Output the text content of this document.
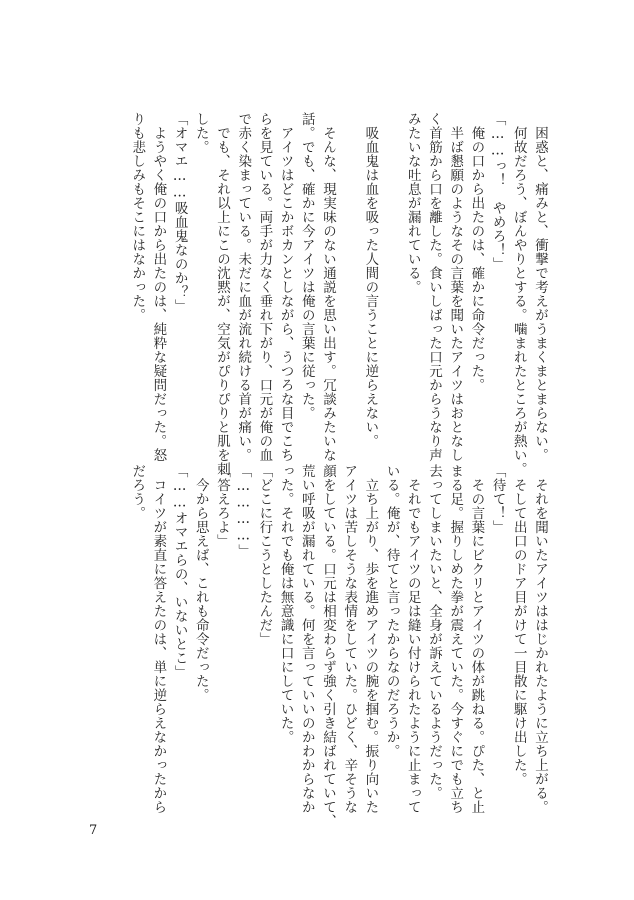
困惑と、痛みと、衝撃で考えがうまくまとまらない。
何故だろう、ぼんやりとする。噛まれたところが熱い。
「……っ！　やめろ！」
俺の口から出たのは、確かに命令だった。
半ば懇願のようなその言葉を聞いたアイツはおとなし
く首筋から口を離した。食いしばった口元からうなり声
みたいな吐息が漏れている。
吸血鬼は血を吸った人間の言うことに逆らえない。
そんな、現実味のない通説を思い出す。冗談みたいな
話。でも、確かに今アイツは俺の言葉に従った。
アイツはどこかボカンとしながら、うつろな目でこち
らを見ている。両手が力なく垂れ下がり、口元が俺の血
で赤く染まっている。未だに血が流れ続ける首が痛い。
でも、それ以上にこの沈黙が、空気がぴりぴりと肌を刺
した。
「オマエ……吸血鬼なのか？」
ようやく俺の口から出たのは、純粋な疑問だった。怒
りも悲しみもそこにはなかった。
それを聞いたアイツははじかれたように立ち上がる。
そして出口のドア目がけて一目散に駆け出した。
「待て！」
その言葉にビクリとアイツの体が跳ねる。ぴた、と止
まる足。握りしめた拳が震えていた。今すぐにでも立ち
去ってしまいたいと、全身が訴えているようだった。
それでもアイツの足は縫い付けられたように止まって
いる。俺が、待てと言ったからなのだろうか。
立ち上がり、歩を進めアイツの腕を掴む。振り向いた
アイツは苦しそうな表情をしていた。ひどく、辛そうな
顔をしている。口元は相変わらず強く引き結ばれていて、
荒い呼吸が漏れている。何を言っていいのかわからなか
った。それでも俺は無意識に口にしていた。
「どこに行こうとしたんだ」
「…………」
「答えろよ」
今から思えば、これも命令だった。
「……オマエらの、いないとこ」
コイツが素直に答えたのは、単に逆らえなかったから
だろう。
7
